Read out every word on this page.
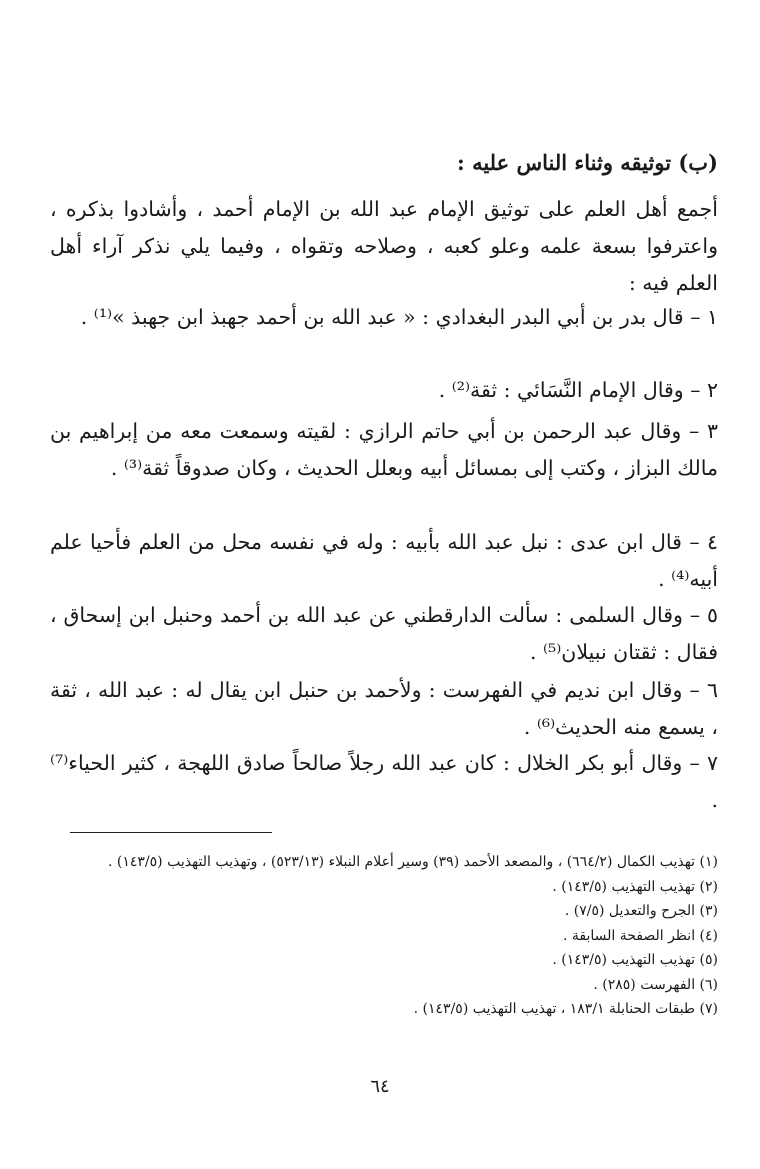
(ب) توثيقه وثناء الناس عليه :
أجمع أهل العلم على توثيق الإمام عبد الله بن الإمام أحمد ، وأشادوا بذكره ، واعترفوا بسعة علمه وعلو كعبه ، وصلاحه وتقواه ، وفيما يلي نذكر آراء أهل العلم فيه :
١ – قال بدر بن أبي البدر البغدادي : « عبد الله بن أحمد جهبذ ابن جهبذ »⁽¹⁾ .
٢ – وقال الإمام النَّسَائي : ثقة⁽²⁾ .
٣ – وقال عبد الرحمن بن أبي حاتم الرازي : لقيته وسمعت معه من إبراهيم بن مالك البزاز ، وكتب إلى بمسائل أبيه وبعلل الحديث ، وكان صدوقاً ثقة⁽³⁾ .
٤ – قال ابن عدى : نبل عبد الله بأبيه : وله في نفسه محل من العلم فأحيا علم أبيه⁽⁴⁾ .
٥ – وقال السلمى : سألت الدارقطني عن عبد الله بن أحمد وحنبل ابن إسحاق ، فقال : ثقتان نبيلان⁽⁵⁾ .
٦ – وقال ابن نديم في الفهرست : ولأحمد بن حنبل ابن يقال له : عبد الله ، ثقة ، يسمع منه الحديث⁽⁶⁾ .
٧ – وقال أبو بكر الخلال : كان عبد الله رجلاً صالحاً صادق اللهجة ، كثير الحياء⁽⁷⁾ .
(١) تهذيب الكمال (٦٦٤/٢) ، والمصعد الأحمد (٣٩) وسير أعلام النبلاء (٥٢٣/١٣) ، وتهذيب التهذيب (١٤٣/٥) .
(٢) تهذيب التهذيب (١٤٣/٥) .
(٣) الجرح والتعديل (٧/٥) .
(٤) انظر الصفحة السابقة .
(٥) تهذيب التهذيب (١٤٣/٥) .
(٦) الفهرست (٢٨٥) .
(٧) طبقات الحنابلة ١٨٣/١ ، تهذيب التهذيب (١٤٣/٥) .
٦٤
